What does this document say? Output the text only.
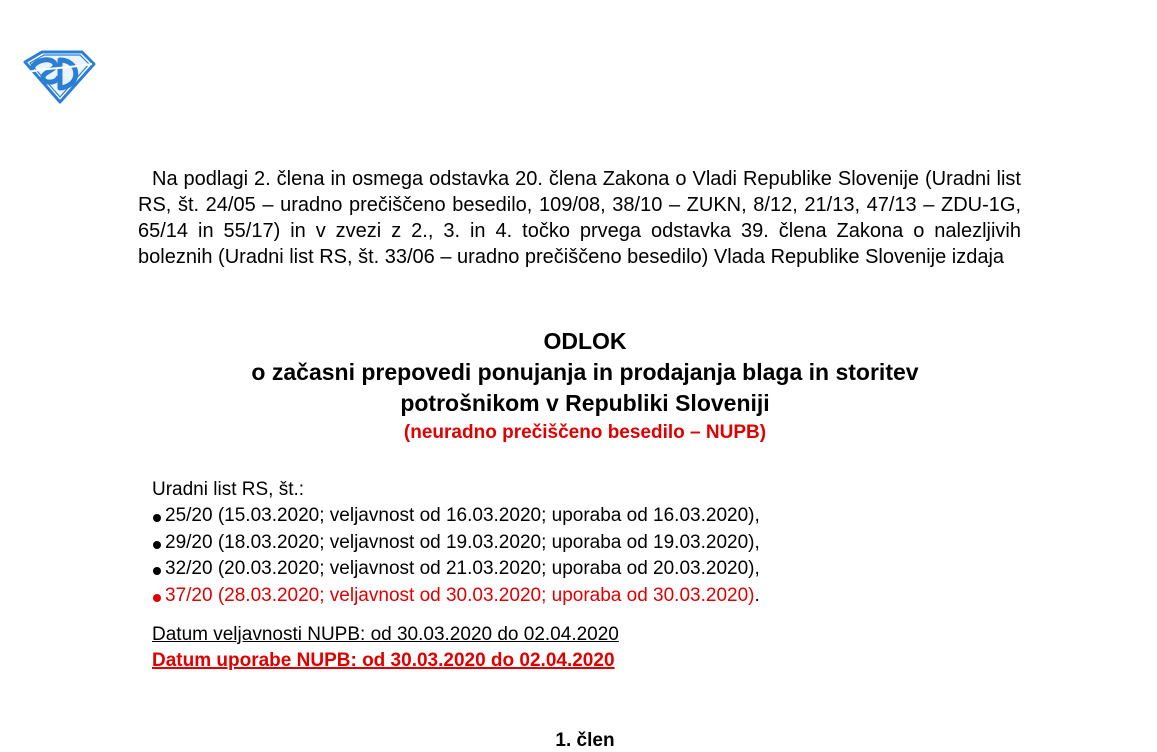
Na podlagi 2. člena in osmega odstavka 20. člena Zakona o Vladi Republike Slovenije (Uradni list RS, št. 24/05 – uradno prečiščeno besedilo, 109/08, 38/10 – ZUKN, 8/12, 21/13, 47/13 – ZDU-1G, 65/14 in 55/17) in v zvezi z 2., 3. in 4. točko prvega odstavka 39. člena Zakona o nalezljivih boleznih (Uradni list RS, št. 33/06 – uradno prečiščeno besedilo) Vlada Republike Slovenije izdaja

ODLOK

o začasni prepovedi ponujanja in prodajanja blaga in storitev

potrošnikom v Republiki Sloveniji

(neuradno prečiščeno besedilo – NUPB)

Uradni list RS, št.:
25/20 (15.03.2020; veljavnost od 16.03.2020; uporaba od 16.03.2020),
29/20 (18.03.2020; veljavnost od 19.03.2020; uporaba od 19.03.2020),
32/20 (20.03.2020; veljavnost od 21.03.2020; uporaba od 20.03.2020),
37/20 (28.03.2020; veljavnost od 30.03.2020; uporaba od 30.03.2020).
Datum veljavnosti NUPB: od 30.03.2020 do 02.04.2020
Datum uporabe NUPB: od 30.03.2020 do 02.04.2020
1. člen
